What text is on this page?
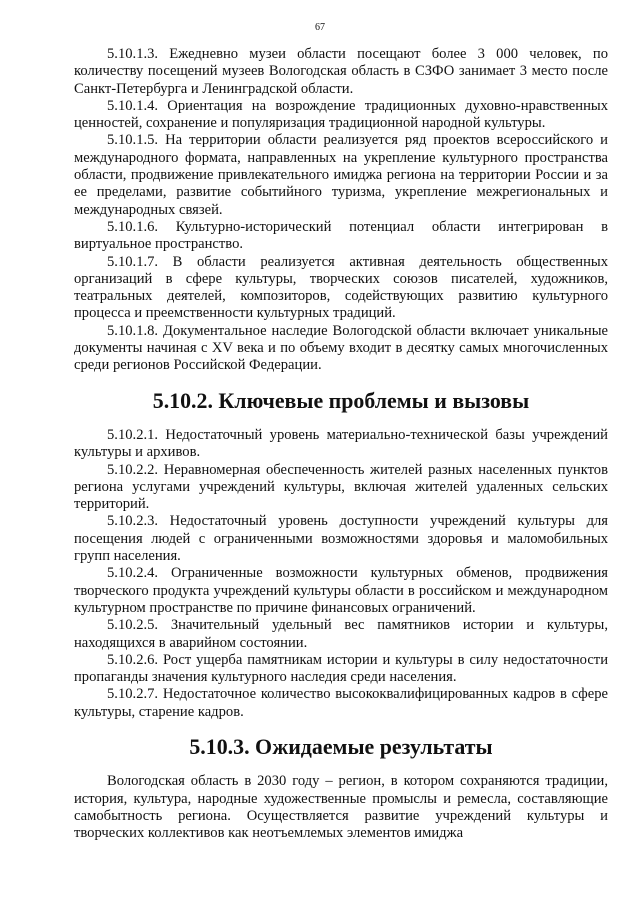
67

5.10.1.3. Ежедневно музеи области посещают более 3 000 человек, по количеству посещений музеев Вологодская область в СЗФО занимает 3 место после Санкт-Петербурга и Ленинградской области.

5.10.1.4. Ориентация на возрождение традиционных духовно-нравственных ценностей, сохранение и популяризация традиционной народной культуры.

5.10.1.5. На территории области реализуется ряд проектов всероссийского и международного формата, направленных на укрепление культурного пространства области, продвижение привлекательного имиджа региона на территории России и за ее пределами, развитие событийного туризма, укрепление межрегиональных и международных связей.

5.10.1.6. Культурно-исторический потенциал области интегрирован в виртуальное пространство.

5.10.1.7. В области реализуется активная деятельность общественных организаций в сфере культуры, творческих союзов писателей, художников, театральных деятелей, композиторов, содействующих развитию культурного процесса и преемственности культурных традиций.

5.10.1.8. Документальное наследие Вологодской области включает уникальные документы начиная с XV века и по объему входит в десятку самых многочисленных среди регионов Российской Федерации.

5.10.2. Ключевые проблемы и вызовы

5.10.2.1. Недостаточный уровень материально-технической базы учреждений культуры и архивов.

5.10.2.2. Неравномерная обеспеченность жителей разных населенных пунктов региона услугами учреждений культуры, включая жителей удаленных сельских территорий.

5.10.2.3. Недостаточный уровень доступности учреждений культуры для посещения людей с ограниченными возможностями здоровья и маломобильных групп населения.

5.10.2.4. Ограниченные возможности культурных обменов, продвижения творческого продукта учреждений культуры области в российском и международном культурном пространстве по причине финансовых ограничений.

5.10.2.5. Значительный удельный вес памятников истории и культуры, находящихся в аварийном состоянии.

5.10.2.6. Рост ущерба памятникам истории и культуры в силу недостаточности пропаганды значения культурного наследия среди населения.

5.10.2.7. Недостаточное количество высококвалифицированных кадров в сфере культуры, старение кадров.

5.10.3. Ожидаемые результаты

Вологодская область в 2030 году – регион, в котором сохраняются традиции, история, культура, народные художественные промыслы и ремесла, составляющие самобытность региона. Осуществляется развитие учреждений культуры и творческих коллективов как неотъемлемых элементов имиджа
